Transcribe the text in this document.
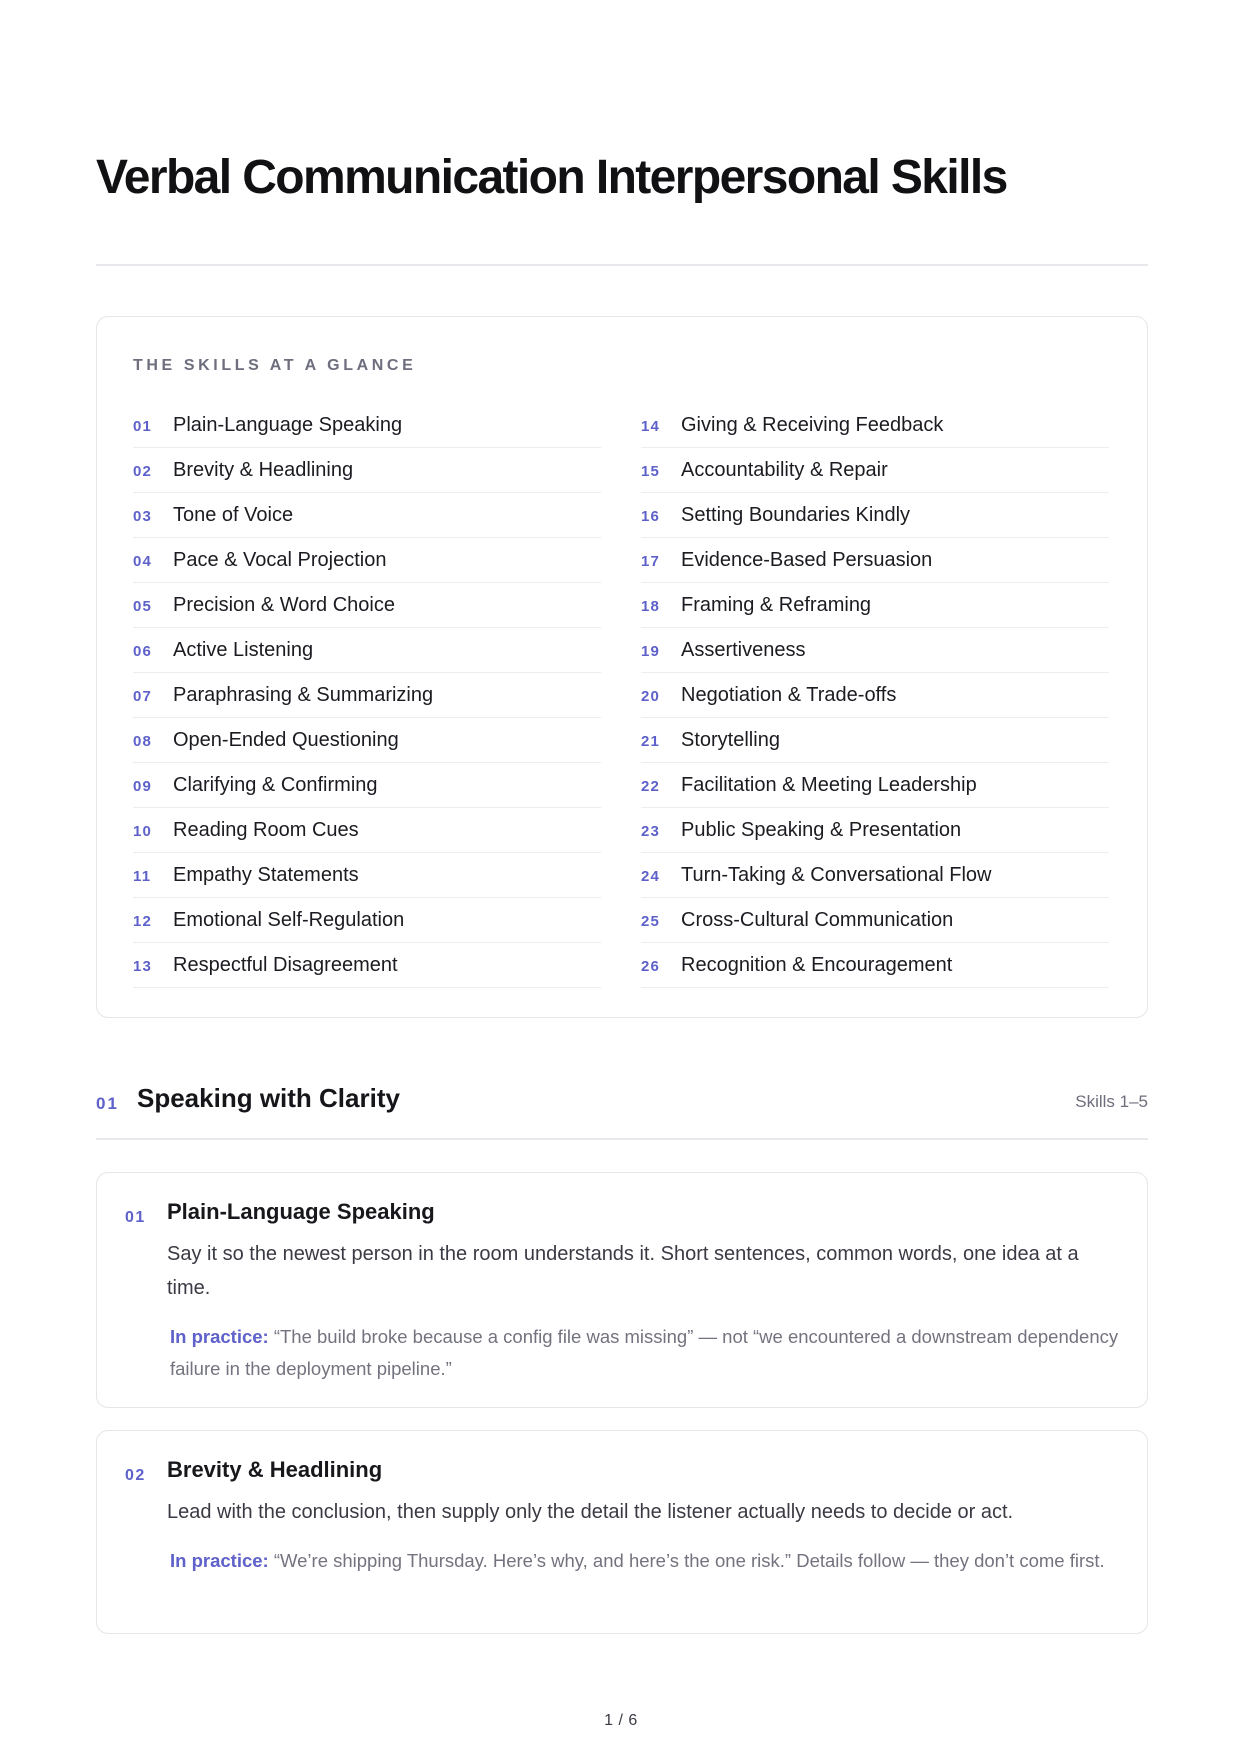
Verbal Communication Interpersonal Skills
THE SKILLS AT A GLANCE
01	Plain-Language Speaking
02	Brevity & Headlining
03	Tone of Voice
04	Pace & Vocal Projection
05	Precision & Word Choice
06	Active Listening
07	Paraphrasing & Summarizing
08	Open-Ended Questioning
09	Clarifying & Confirming
10	Reading Room Cues
11	Empathy Statements
12	Emotional Self-Regulation
13	Respectful Disagreement
14	Giving & Receiving Feedback
15	Accountability & Repair
16	Setting Boundaries Kindly
17	Evidence-Based Persuasion
18	Framing & Reframing
19	Assertiveness
20	Negotiation & Trade-offs
21	Storytelling
22	Facilitation & Meeting Leadership
23	Public Speaking & Presentation
24	Turn-Taking & Conversational Flow
25	Cross-Cultural Communication
26	Recognition & Encouragement
01 Speaking with Clarity	Skills 1–5
01 Plain-Language Speaking

Say it so the newest person in the room understands it. Short sentences, common words, one idea at a time.

In practice: “The build broke because a config file was missing” — not “we encountered a downstream dependency failure in the deployment pipeline.”

02 Brevity & Headlining

Lead with the conclusion, then supply only the detail the listener actually needs to decide or act.

In practice: “We’re shipping Thursday. Here’s why, and here’s the one risk.” Details follow — they don’t come first.

1 / 6
